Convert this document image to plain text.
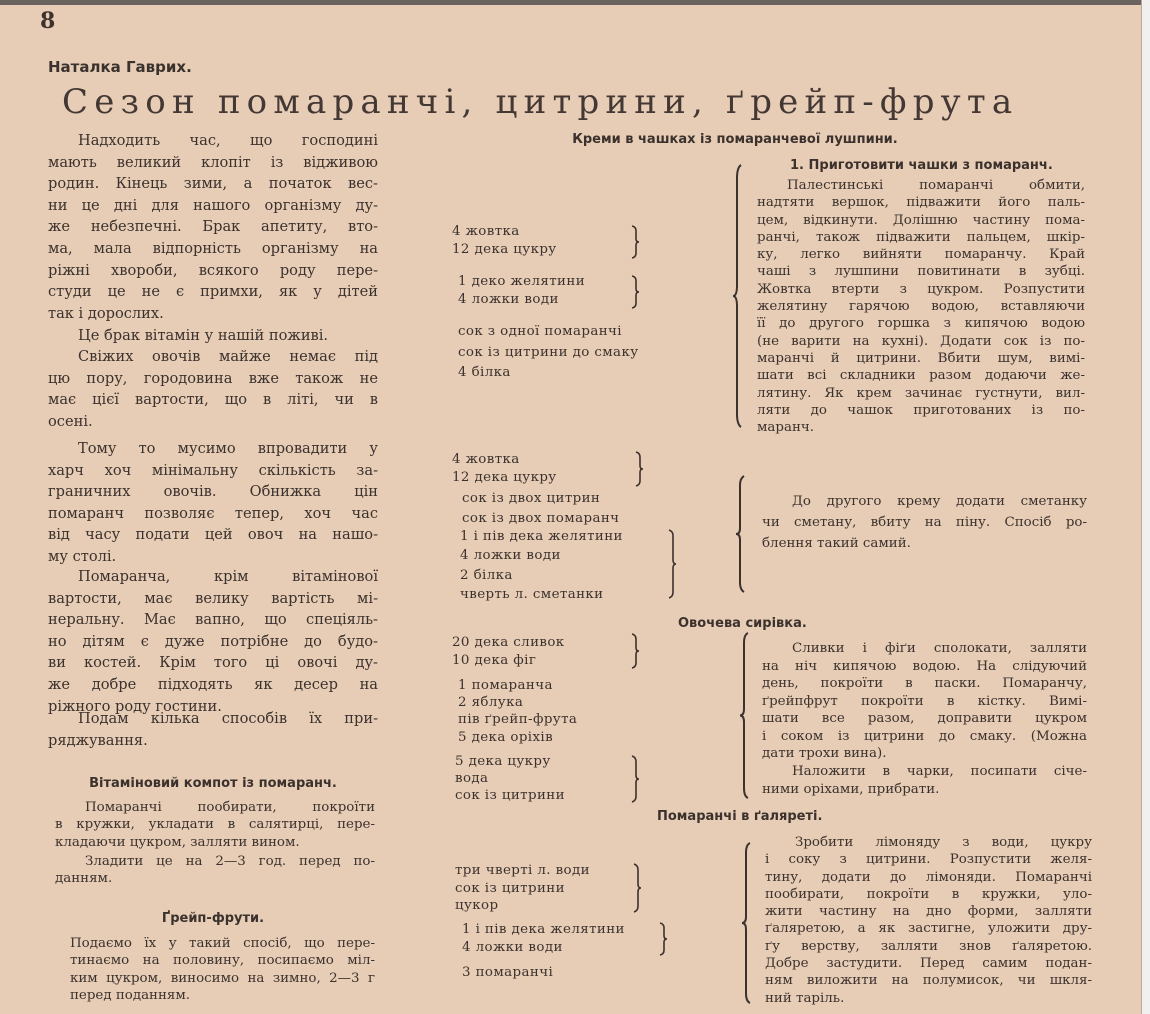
8
Наталка Гаврих.
Сезон помаранчі, цитрини, ґрейп-фрута
Надходить час, що господині
мають великий клопіт із відживою
родин. Кінець зими, а початок вес-
ни це дні для нашого організму ду-
же небезпечні. Брак апетиту, вто-
ма, мала відпорність організму на
ріжні хвороби, всякого роду пере-
студи це не є примхи, як у дітей
так і дорослих.
Це брак вітамін у нашій поживі.
Свіжих овочів майже немає під
цю пору, городовина вже також не
має цієї вартости, що в літі, чи в
осені.
Тому то мусимо впровадити у
харч хоч мінімальну скількість за-
граничних овочів. Обнижка цін
помаранч позволяє тепер, хоч час
від часу подати цей овоч на нашо-
му столі.
Помаранча, крім вітамінової
вартости, має велику вартість мі-
неральну. Має вапно, що спеціяль-
но дітям є дуже потрібне до будо-
ви костей. Крім того ці овочі ду-
же добре підходять як десер на
ріжного роду гостини.
Подам кілька способів їх при-
ряджування.
Вітаміновий компот із помаранч.
Помаранчі пообирати, покроїти
в кружки, укладати в салятирці, пере-
кладаючи цукром, залляти вином.
Зладити це на 2—3 год. перед по-
данням.
Ґрейп-фрути.
Подаємо їх у такий спосіб, що пере-
тинаємо на половину, посипаємо міл-
ким цукром, виносимо на зимно, 2—3 г
перед поданням.
Креми в чашках із помаранчевої лушпини.
4 жовтка
12 дека цукру
1 деко желятини
4 ложки води
сок з одної помаранчі
сок із цитрини до смаку
4 білка
1. Приготовити чашки з помаранч.
Палестинські помаранчі обмити,
надтяти вершок, підважити його паль-
цем, відкинути. Долішню частину пома-
ранчі, також підважити пальцем, шкір-
ку, легко вийняти помаранчу. Край
чаші з лушпини повитинати в зубці.
Жовтка втерти з цукром. Розпустити
желятину гарячою водою, вставляючи
її до другого горшка з кипячою водою
(не варити на кухні). Додати сок із по-
маранчі й цитрини. Вбити шум, вимі-
шати всі складники разом додаючи же-
лятину. Як крем зачинає густнути, вил-
ляти до чашок приготованих із по-
маранч.
4 жовтка
12 дека цукру
сок із двох цитрин
сок із двох помаранч
1 і пів дека желятини
4 ложки води
2 білка
чверть л. сметанки
До другого крему додати сметанку
чи сметану, вбиту на піну. Спосіб ро-
блення такий самий.
Овочева сирівка.
20 дека сливок
10 дека фіг
1 помаранча
2 яблука
пів ґрейп-фрута
5 дека оріхів
5 дека цукру
вода
сок із цитрини
Сливки і фіґи сполокати, залляти
на ніч кипячою водою. На слідуючий
день, покроїти в паски. Помаранчу,
ґрейпфрут покроїти в кістку. Вимі-
шати все разом, доправити цукром
і соком із цитрини до смаку. (Можна
дати трохи вина).
Наложити в чарки, посипати січе-
ними оріхами, прибрати.
Помаранчі в ґаляреті.
три чверті л. води
сок із цитрини
цукор
1 і пів дека желятини
4 ложки води
3 помаранчі
Зробити лімоняду з води, цукру
і соку з цитрини. Розпустити желя-
тину, додати до лімоняди. Помаранчі
пообирати, покроїти в кружки, уло-
жити частину на дно форми, залляти
ґаляретою, а як застигне, уложити дру-
ґу верству, залляти знов ґаляретою.
Добре застудити. Перед самим подан-
ням виложити на полумисок, чи шкля-
ний таріль.
